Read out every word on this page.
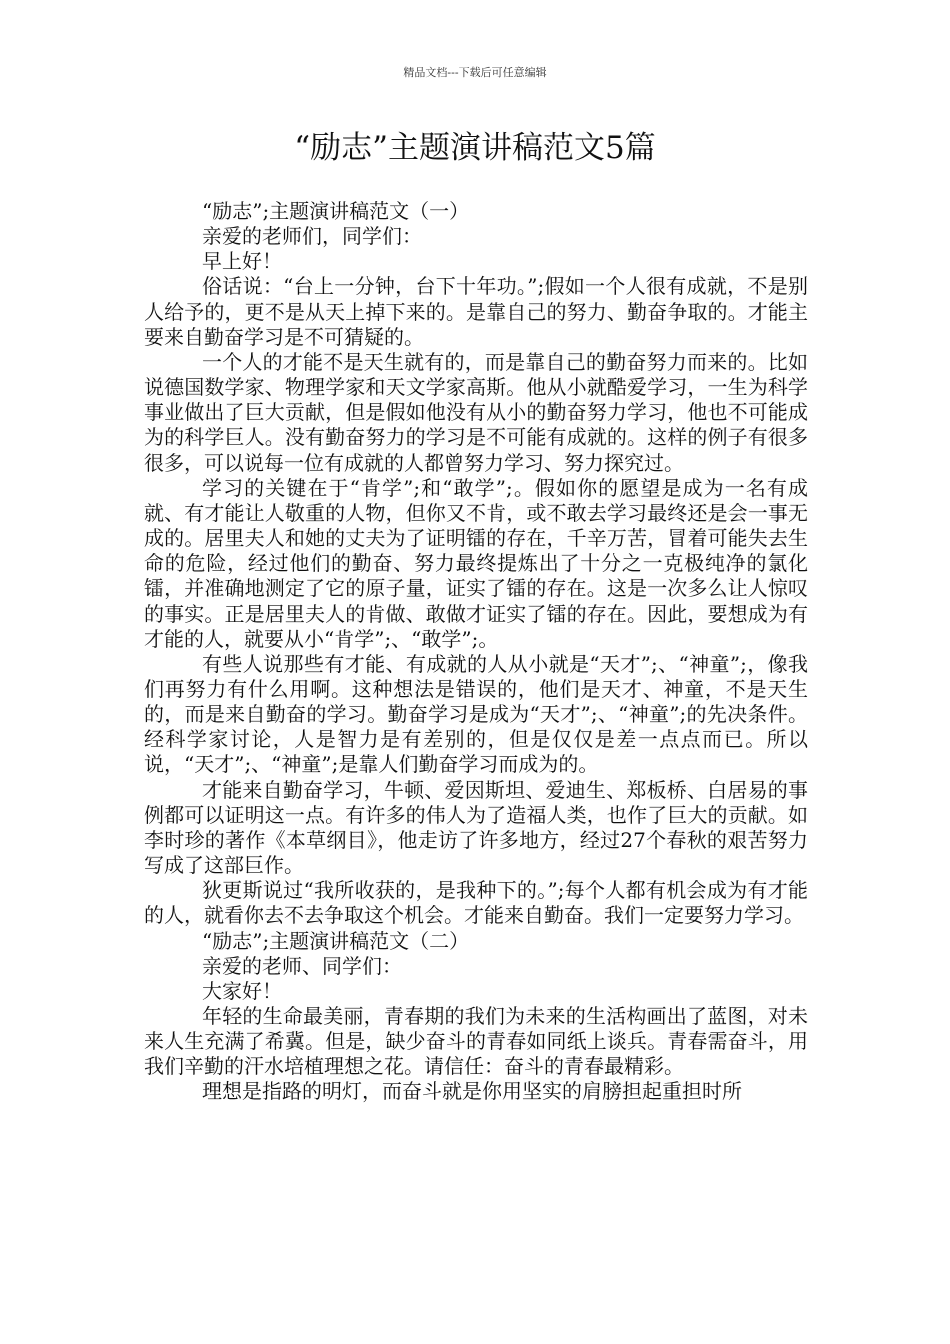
精品文档---下载后可任意编辑
“励志”主题演讲稿范文5篇

“励志”;主题演讲稿范文（一）

亲爱的老师们，同学们：

早上好！

俗话说：“台上一分钟，台下十年功。”;假如一个人很有成就，不是别人给予的，更不是从天上掉下来的。是靠自己的努力、勤奋争取的。才能主要来自勤奋学习是不可猜疑的。

一个人的才能不是天生就有的，而是靠自己的勤奋努力而来的。比如说德国数学家、物理学家和天文学家高斯。他从小就酷爱学习，一生为科学事业做出了巨大贡献，但是假如他没有从小的勤奋努力学习，他也不可能成为的科学巨人。没有勤奋努力的学习是不可能有成就的。这样的例子有很多很多，可以说每一位有成就的人都曾努力学习、努力探究过。

学习的关键在于“肯学”;和“敢学”;。假如你的愿望是成为一名有成就、有才能让人敬重的人物，但你又不肯，或不敢去学习最终还是会一事无成的。居里夫人和她的丈夫为了证明镭的存在，千辛万苦，冒着可能失去生命的危险，经过他们的勤奋、努力最终提炼出了十分之一克极纯净的氯化镭，并准确地测定了它的原子量，证实了镭的存在。这是一次多么让人惊叹的事实。正是居里夫人的肯做、敢做才证实了镭的存在。因此，要想成为有才能的人，就要从小“肯学”;、“敢学”;。

有些人说那些有才能、有成就的人从小就是“天才”;、“神童”;，像我们再努力有什么用啊。这种想法是错误的，他们是天才、神童，不是天生的，而是来自勤奋的学习。勤奋学习是成为“天才”;、“神童”;的先决条件。经科学家讨论，人是智力是有差别的，但是仅仅是差一点点而已。所以说，“天才”;、“神童”;是靠人们勤奋学习而成为的。

才能来自勤奋学习，牛顿、爱因斯坦、爱迪生、郑板桥、白居易的事例都可以证明这一点。有许多的伟人为了造福人类，也作了巨大的贡献。如李时珍的著作《本草纲目》，他走访了许多地方，经过27个春秋的艰苦努力写成了这部巨作。

狄更斯说过“我所收获的，是我种下的。”;每个人都有机会成为有才能的人，就看你去不去争取这个机会。才能来自勤奋。我们一定要努力学习。

“励志”;主题演讲稿范文（二）

亲爱的老师、同学们：

大家好！

年轻的生命最美丽，青春期的我们为未来的生活构画出了蓝图，对未来人生充满了希冀。但是，缺少奋斗的青春如同纸上谈兵。青春需奋斗，用我们辛勤的汗水培植理想之花。请信任：奋斗的青春最精彩。

理想是指路的明灯，而奋斗就是你用坚实的肩膀担起重担时所
